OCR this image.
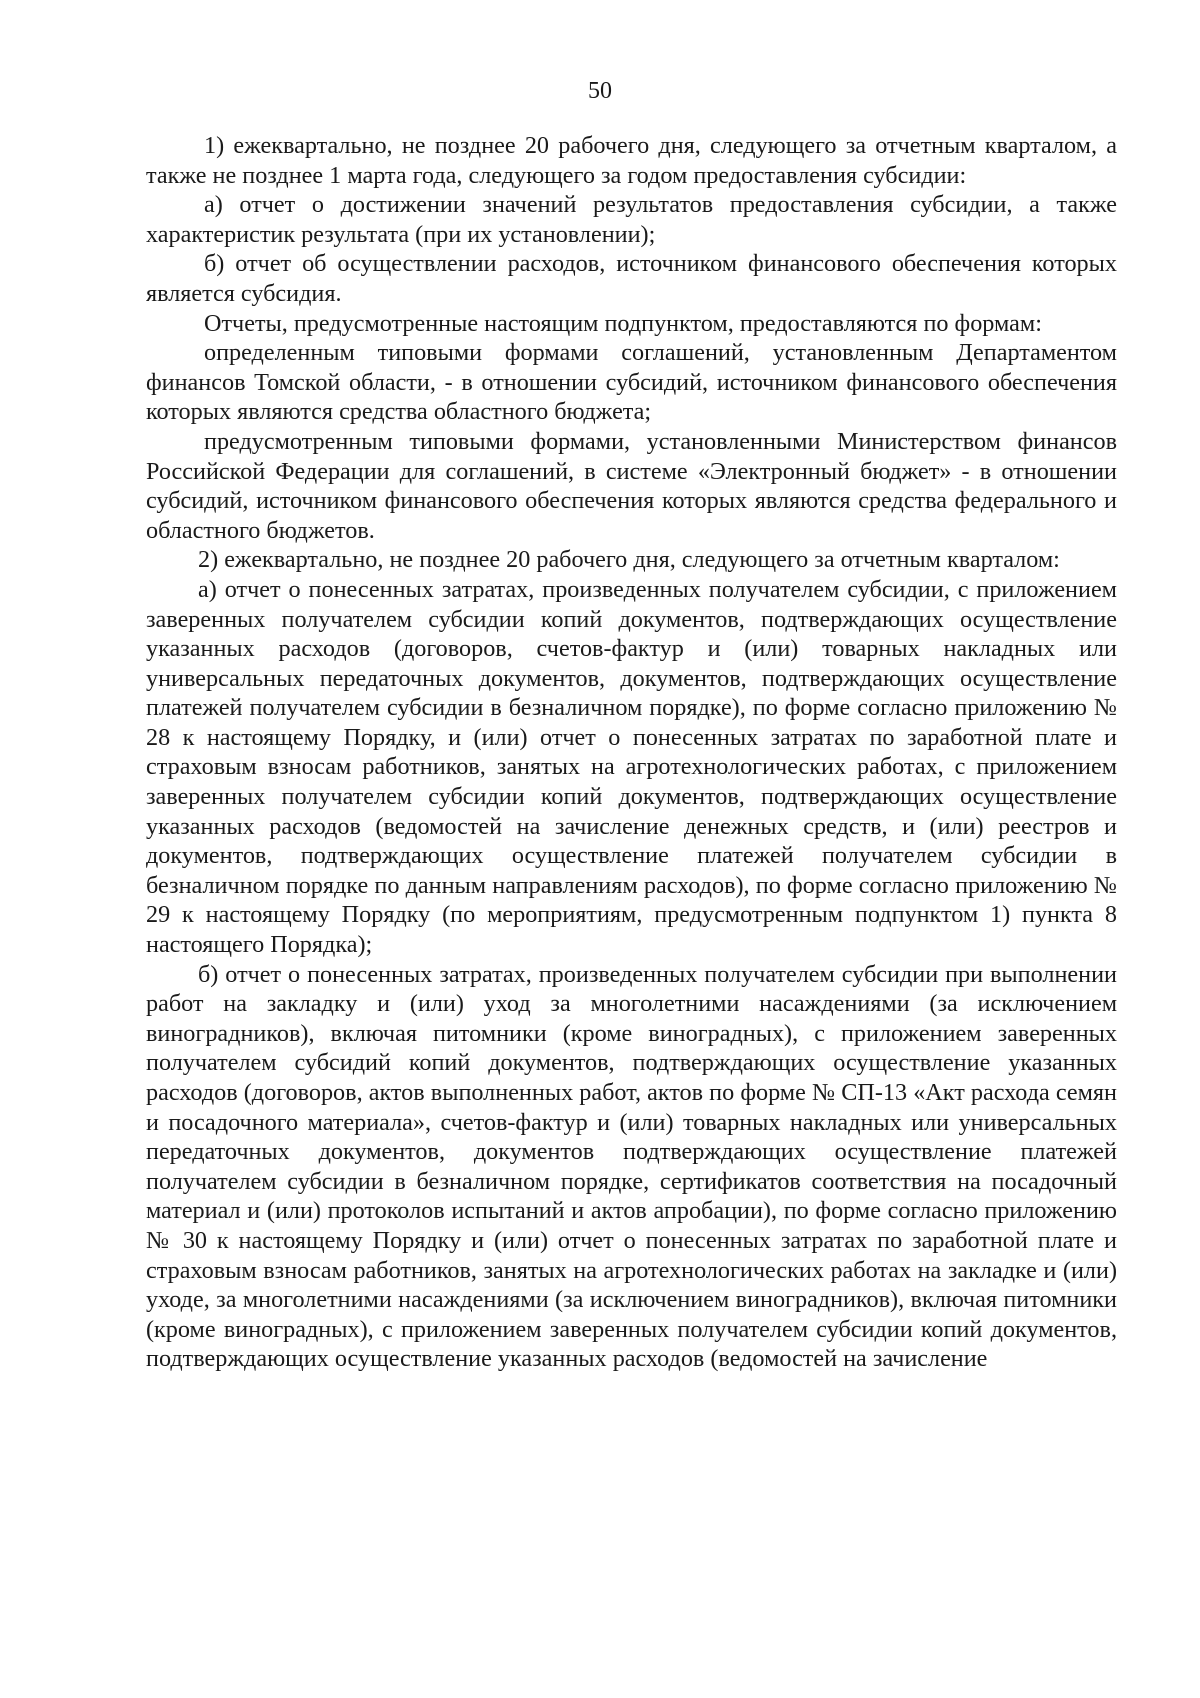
50

1) ежеквартально, не позднее 20 рабочего дня, следующего за отчетным кварталом, а также не позднее 1 марта года, следующего за годом предоставления субсидии:

а) отчет о достижении значений результатов предоставления субсидии, а также характеристик результата (при их установлении);

б) отчет об осуществлении расходов, источником финансового обеспечения которых является субсидия.

Отчеты, предусмотренные настоящим подпунктом, предоставляются по формам:

определенным типовыми формами соглашений, установленным Департаментом финансов Томской области, - в отношении субсидий, источником финансового обеспечения которых являются средства областного бюджета;

предусмотренным типовыми формами, установленными Министерством финансов Российской Федерации для соглашений, в системе «Электронный бюджет» - в отношении субсидий, источником финансового обеспечения которых являются средства федерального и областного бюджетов.

2) ежеквартально, не позднее 20 рабочего дня, следующего за отчетным кварталом:

а) отчет о понесенных затратах, произведенных получателем субсидии, с приложением заверенных получателем субсидии копий документов, подтверждающих осуществление указанных расходов (договоров, счетов-фактур и (или) товарных накладных или универсальных передаточных документов, документов, подтверждающих осуществление платежей получателем субсидии в безналичном порядке), по форме согласно приложению № 28 к настоящему Порядку, и (или) отчет о понесенных затратах по заработной плате и страховым взносам работников, занятых на агротехнологических работах, с приложением заверенных получателем субсидии копий документов, подтверждающих осуществление указанных расходов (ведомостей на зачисление денежных средств, и (или) реестров и документов, подтверждающих осуществление платежей получателем субсидии в безналичном порядке по данным направлениям расходов), по форме согласно приложению № 29 к настоящему Порядку (по мероприятиям, предусмотренным подпунктом 1) пункта 8 настоящего Порядка);

б) отчет о понесенных затратах, произведенных получателем субсидии при выполнении работ на закладку и (или) уход за многолетними насаждениями (за исключением виноградников), включая питомники (кроме виноградных), с приложением заверенных получателем субсидий копий документов, подтверждающих осуществление указанных расходов (договоров, актов выполненных работ, актов по форме № СП-13 «Акт расхода семян и посадочного материала», счетов-фактур и (или) товарных накладных или универсальных передаточных документов, документов подтверждающих осуществление платежей получателем субсидии в безналичном порядке, сертификатов соответствия на посадочный материал и (или) протоколов испытаний и актов апробации), по форме согласно приложению № 30 к настоящему Порядку и (или) отчет о понесенных затратах по заработной плате и страховым взносам работников, занятых на агротехнологических работах на закладке и (или) уходе, за многолетними насаждениями (за исключением виноградников), включая питомники (кроме виноградных), с приложением заверенных получателем субсидии копий документов, подтверждающих осуществление указанных расходов (ведомостей на зачисление
